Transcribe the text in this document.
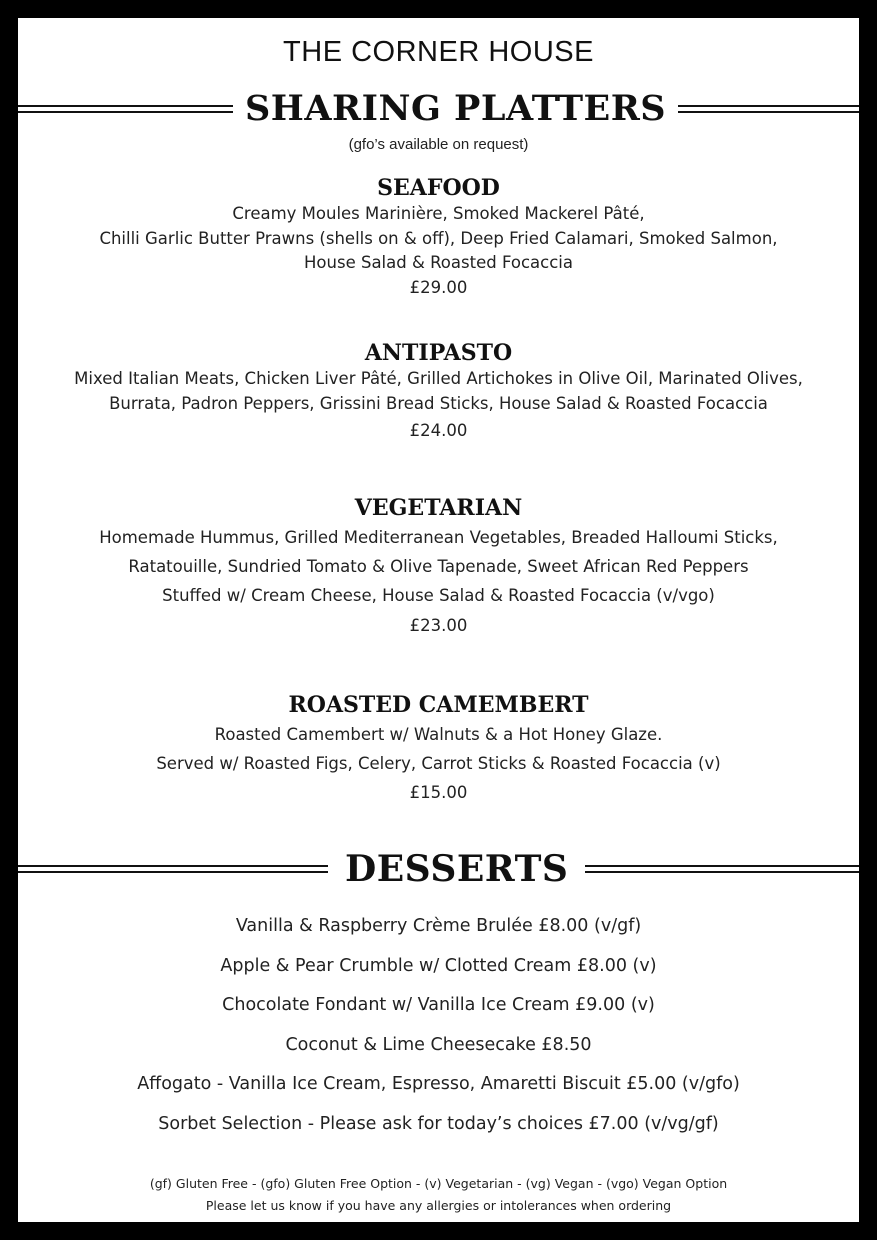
THE CORNER HOUSE
SHARING PLATTERS
(gfo’s available on request)
SEAFOOD
Creamy Moules Marinière, Smoked Mackerel Pâté,
Chilli Garlic Butter Prawns (shells on & off), Deep Fried Calamari, Smoked Salmon,
House Salad & Roasted Focaccia
£29.00
ANTIPASTO
Mixed Italian Meats, Chicken Liver Pâté, Grilled Artichokes in Olive Oil, Marinated Olives,
Burrata, Padron Peppers, Grissini Bread Sticks, House Salad & Roasted Focaccia
£24.00
VEGETARIAN
Homemade Hummus, Grilled Mediterranean Vegetables, Breaded Halloumi Sticks,
Ratatouille, Sundried Tomato & Olive Tapenade, Sweet African Red Peppers
Stuffed w/ Cream Cheese, House Salad & Roasted Focaccia (v/vgo)
£23.00
ROASTED CAMEMBERT
Roasted Camembert w/ Walnuts & a Hot Honey Glaze.
Served w/ Roasted Figs, Celery, Carrot Sticks & Roasted Focaccia (v)
£15.00
DESSERTS
Vanilla & Raspberry Crème Brulée £8.00 (v/gf)
Apple & Pear Crumble w/ Clotted Cream £8.00 (v)
Chocolate Fondant w/ Vanilla Ice Cream £9.00 (v)
Coconut & Lime Cheesecake £8.50
Affogato - Vanilla Ice Cream, Espresso, Amaretti Biscuit £5.00 (v/gfo)
Sorbet Selection - Please ask for today’s choices £7.00 (v/vg/gf)
(gf) Gluten Free - (gfo) Gluten Free Option - (v) Vegetarian - (vg) Vegan - (vgo) Vegan Option
Please let us know if you have any allergies or intolerances when ordering
